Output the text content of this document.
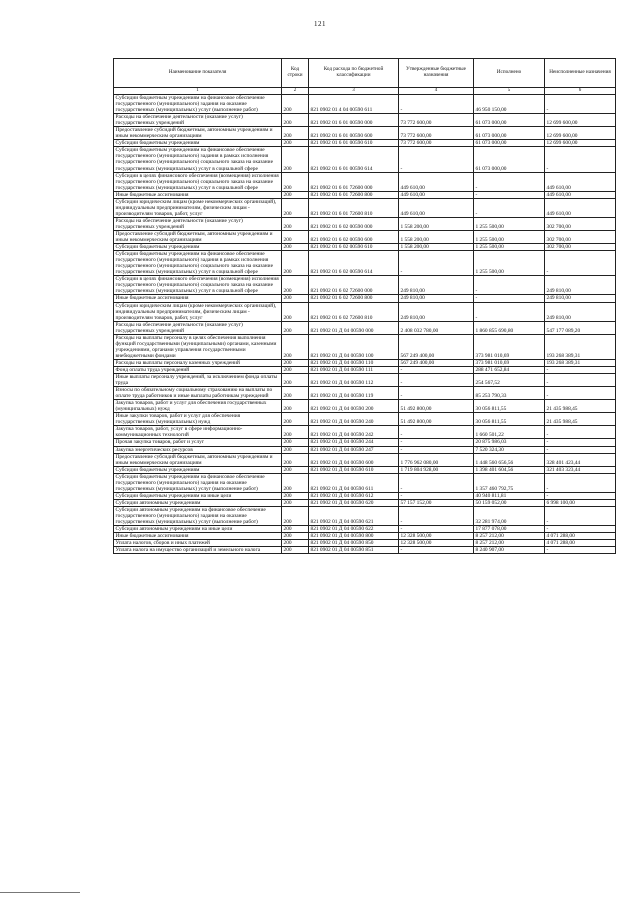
121
Наименование показателя	Код строки	Код расхода по бюджетной классификации	Утвержденные бюджетные назначения	Исполнено	Неисполненные назначения
1	2	3	4	5	6
Субсидии бюджетным учреждениям на финансовое обеспечение государственного (муниципального) задания на оказание государственных (муниципальных) услуг (выполнение работ)	200	821 0902 01 4 04 00590 611	-	46 950 150,00	-
Расходы на обеспечение деятельности (оказание услуг) государственных учреждений	200	821 0902 01 6 01 00590 000	73 772 600,00	61 073 000,00	12 699 600,00
Предоставление субсидий бюджетным, автономным учреждениям и иным некоммерческим организациям	200	821 0902 01 6 01 00590 600	73 772 600,00	61 073 000,00	12 699 600,00
Субсидии бюджетным учреждениям	200	821 0902 01 6 01 00590 610	73 772 600,00	61 073 000,00	12 699 600,00
Субсидии бюджетным учреждениям на финансовое обеспечение государственного (муниципального) задания в рамках исполнения государственного (муниципального) социального заказа на оказание государственных (муниципальных) услуг в социальной сфере	200	821 0902 01 6 01 00590 614	-	61 073 000,00	-
Субсидии в целях финансового обеспечения (возмещения) исполнения государственного (муниципального) социального заказа на оказание государственных (муниципальных) услуг в социальной сфере	200	821 0902 01 6 01 72600 000	449 610,00	-	449 610,00
Иные бюджетные ассигнования	200	821 0902 01 6 01 72600 800	449 610,00	-	449 610,00
Субсидии юридическим лицам (кроме некоммерческих организаций), индивидуальным предпринимателям, физическим лицам - производителям товаров, работ, услуг	200	821 0902 01 6 01 72600 810	449 610,00	-	449 610,00
Расходы на обеспечение деятельности (оказание услуг) государственных учреждений	200	821 0902 01 6 02 00590 000	1 558 200,00	1 255 500,00	302 700,00
Предоставление субсидий бюджетным, автономным учреждениям и иным некоммерческим организациям	200	821 0902 01 6 02 00590 600	1 558 200,00	1 255 500,00	302 700,00
Субсидии бюджетным учреждениям	200	821 0902 01 6 02 00590 610	1 558 200,00	1 255 500,00	302 700,00
Субсидии бюджетным учреждениям на финансовое обеспечение государственного (муниципального) задания в рамках исполнения государственного (муниципального) социального заказа на оказание государственных (муниципальных) услуг в социальной сфере	200	821 0902 01 6 02 00590 614	-	1 255 500,00	-
Субсидии в целях финансового обеспечения (возмещения) исполнения государственного (муниципального) социального заказа на оказание государственных (муниципальных) услуг в социальной сфере	200	821 0902 01 6 02 72600 000	249 810,00	-	249 810,00
Иные бюджетные ассигнования	200	821 0902 01 6 02 72600 800	249 810,00	-	249 810,00
Субсидии юридическим лицам (кроме некоммерческих организаций), индивидуальным предпринимателям, физическим лицам - производителям товаров, работ, услуг	200	821 0902 01 6 02 72600 810	249 810,00	-	249 810,00
Расходы на обеспечение деятельности (оказание услуг) государственных учреждений	200	821 0902 01 Д 04 00590 000	2 408 032 780,00	1 860 855 690,80	547 177 089,20
Расходы на выплаты персоналу в целях обеспечения выполнения функций государственными (муниципальными) органами, казенными учреждениями, органами управления государственными внебюджетными фондами	200	821 0902 01 Д 04 00590 100	567 249 400,00	373 981 010,69	193 268 389,31
Расходы на выплаты персоналу казенных учреждений	200	821 0902 01 Д 04 00590 110	567 249 400,00	373 981 010,69	193 268 389,31
Фонд оплаты труда учреждений	200	821 0902 01 Д 04 00590 111	-	288 471 652,84	-
Иные выплаты персоналу учреждений, за исключением фонда оплаты труда	200	821 0902 01 Д 04 00590 112	-	254 567,52	-
Взносы по обязательному социальному страхованию на выплаты по оплате труда работников и иные выплаты работникам учреждений	200	821 0902 01 Д 04 00590 119	-	85 253 790,33	-
Закупка товаров, работ и услуг для обеспечения государственных (муниципальных) нужд	200	821 0902 01 Д 04 00590 200	51 492 800,00	30 056 811,55	21 435 988,45
Иные закупки товаров, работ и услуг для обеспечения государственных (муниципальных) нужд	200	821 0902 01 Д 04 00590 240	51 492 800,00	30 056 811,55	21 435 988,45
Закупка товаров, работ, услуг в сфере информационно-коммуникационных технологий	200	821 0902 01 Д 04 00590 242	-	1 660 501,22	-
Прочая закупка товаров, работ и услуг	200	821 0902 01 Д 04 00590 244	-	20 875 986,03	-
Закупка энергетических ресурсов	200	821 0902 01 Д 04 00590 247	-	7 520 324,30	-
Предоставление субсидий бюджетным, автономным учреждениям и иным некоммерческим организациям	200	821 0902 01 Д 04 00590 600	1 776 962 080,00	1 448 560 656,56	328 401 423,44
Субсидии бюджетным учреждениям	200	821 0902 01 Д 04 00590 610	1 719 804 928,00	1 398 401 604,56	321 403 323,44
Субсидии бюджетным учреждениям на финансовое обеспечение государственного (муниципального) задания на оказание государственных (муниципальных) услуг (выполнение работ)	200	821 0902 01 Д 04 00590 611	-	1 357 460 792,75	-
Субсидии бюджетным учреждениям на иные цели	200	821 0902 01 Д 04 00590 612	-	40 940 811,81	-
Субсидии автономным учреждениям	200	821 0902 01 Д 04 00590 620	57 157 152,00	50 159 052,00	6 998 100,00
Субсидии автономным учреждениям на финансовое обеспечение государственного (муниципального) задания на оказание государственных (муниципальных) услуг (выполнение работ)	200	821 0902 01 Д 04 00590 621	-	32 281 974,00	-
Субсидии автономным учреждениям на иные цели	200	821 0902 01 Д 04 00590 622	-	17 877 078,00	-
Иные бюджетные ассигнования	200	821 0902 01 Д 04 00590 800	12 328 500,00	8 257 212,00	4 071 288,00
Уплата налогов, сборов и иных платежей	200	821 0902 01 Д 04 00590 850	12 328 500,00	8 257 212,00	4 071 288,00
Уплата налога на имущество организаций и земельного налога	200	821 0902 01 Д 04 00590 851	-	8 240 907,00	-
